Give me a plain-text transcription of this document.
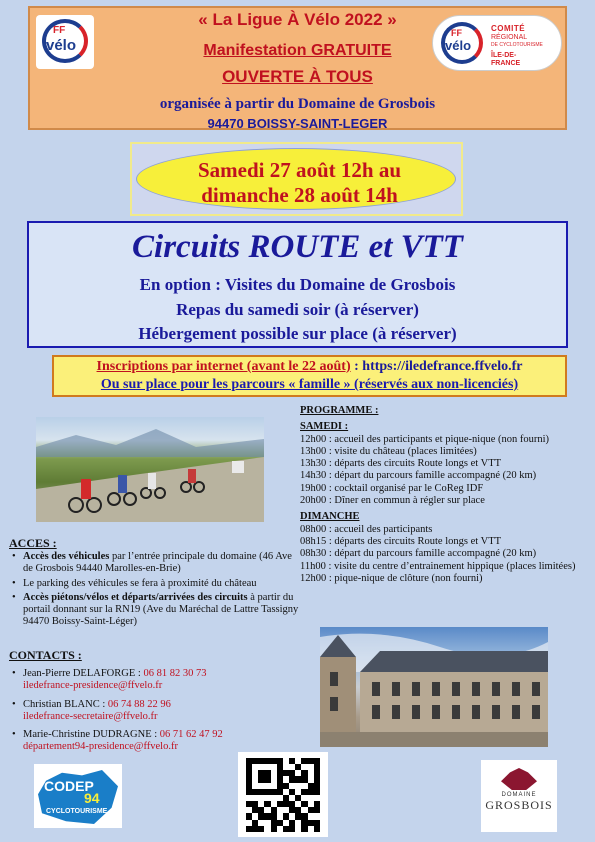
FF
vélo
FF
vélo
COMITÉ
RÉGIONAL
DE CYCLOTOURISME
ÎLE-DE-FRANCE
« La Ligue À Vélo 2022 »
Manifestation GRATUITE
OUVERTE À TOUS
organisée à partir du Domaine de Grosbois
94470 BOISSY-SAINT-LEGER
Samedi 27 août 12h au
dimanche 28 août 14h
Circuits ROUTE et VTT
En option : Visites du Domaine de Grosbois
Repas du samedi soir (à réserver)
Hébergement possible sur place (à réserver)
Inscriptions par internet (avant le 22 août) : https://iledefrance.ffvelo.fr
Ou sur place pour les parcours « famille » (réservés aux non-licenciés)
PROGRAMME :
SAMEDI :
12h00 : accueil des participants et pique-nique (non fourni)
13h00 : visite du château (places limitées)
13h30 : départs des circuits Route longs et VTT
14h30 : départ du parcours famille accompagné (20 km)
19h00 : cocktail organisé par le CoReg IDF
20h00 : Dîner en commun à régler sur place
DIMANCHE
08h00 : accueil des participants
08h15 : départs des circuits Route longs et VTT
08h30 : départ du parcours famille accompagné (20 km)
11h00 : visite du centre d’entrainement hippique (places limitées)
12h00 : pique-nique de clôture (non fourni)
ACCES :
• Accès des véhicules par l’entrée principale du domaine (46 Ave de Grosbois 94440 Marolles-en-Brie)
• Le parking des véhicules se fera à proximité du château
• Accès piétons/vélos et départs/arrivées des circuits à partir du portail donnant sur la RN19 (Ave du Maréchal de Lattre Tassigny 94470 Boissy-Saint-Léger)
CONTACTS :
• Jean-Pierre DELAFORGE : 06 81 82 30 73
iledefrance-presidence@ffvelo.fr
• Christian BLANC : 06 74 88 22 96
iledefrance-secretaire@ffvelo.fr
• Marie-Christine DUDRAGNE : 06 71 62 47 92
département94-presidence@ffvelo.fr
CODEP
94
CYCLOTOURISME
DOMAINE
GROSBOIS
